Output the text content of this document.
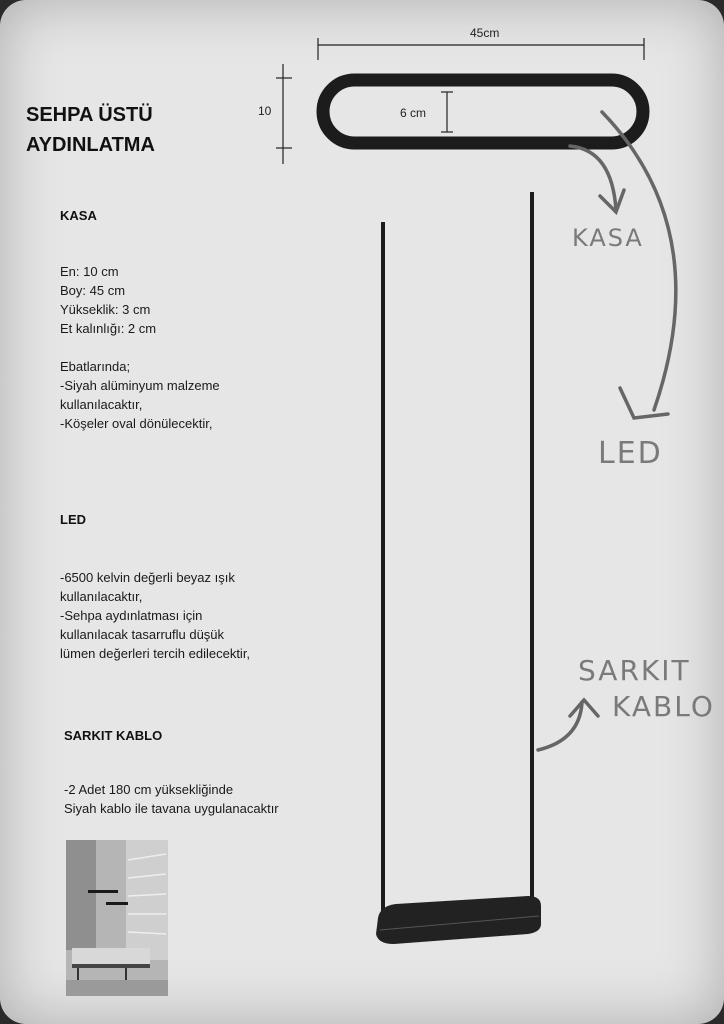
SEHPA ÜSTÜ
AYDINLATMA
KASA
En: 10 cm
Boy: 45 cm
Yükseklik: 3 cm
Et kalınlığı: 2 cm
Ebatlarında;
-Siyah alüminyum malzeme
kullanılacaktır,
-Köşeler oval dönülecektir,
LED
-6500 kelvin değerli beyaz ışık
kullanılacaktır,
-Sehpa aydınlatması için
kullanılacak tasarruflu düşük
lümen değerleri tercih edilecektir,
SARKIT KABLO
-2 Adet 180 cm yüksekliğinde
Siyah kablo ile tavana uygulanacaktır
45cm
10	6 cm
KASA
LED
SARKIT
KABLO
